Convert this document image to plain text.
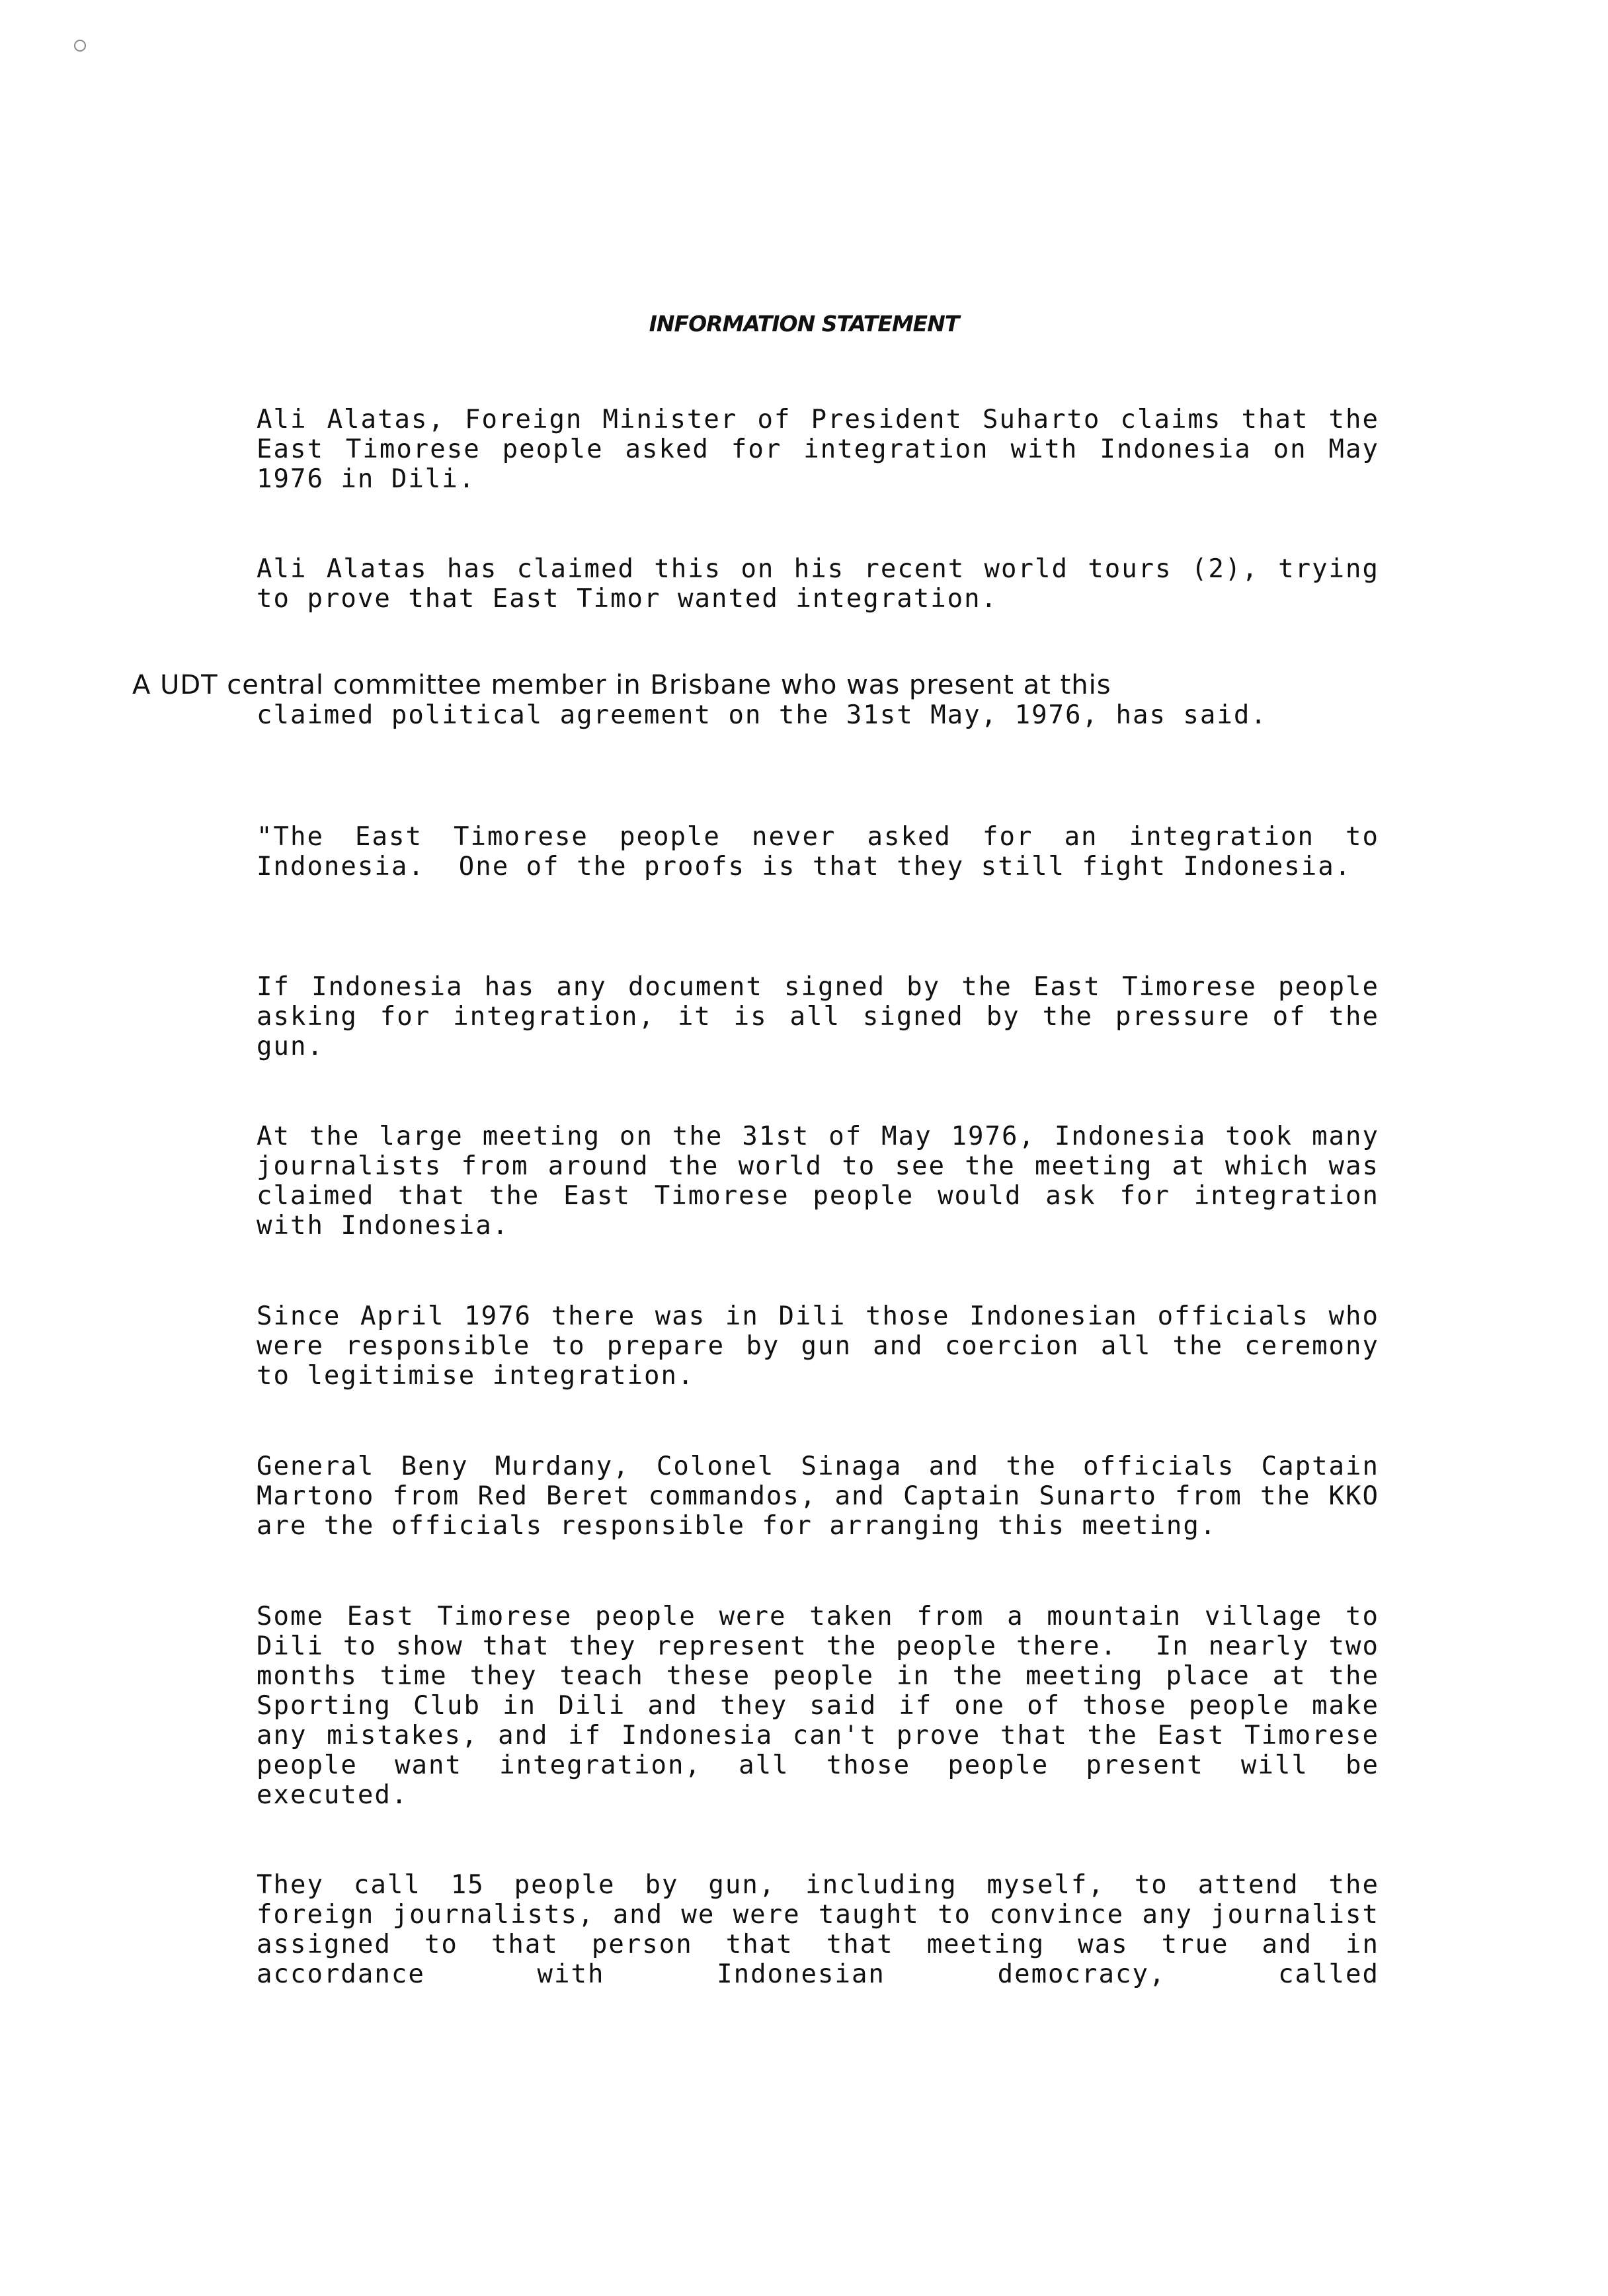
INFORMATION STATEMENT
Ali Alatas, Foreign Minister of President Suharto claims that the East Timorese people asked for integration with Indonesia on May 1976 in Dili.
Ali Alatas has claimed this on his recent world tours (2), trying to prove that East Timor wanted integration.
A UDT central committee member in Brisbane who was present at this
claimed political agreement on the 31st May, 1976, has said.
"The East Timorese people never asked for an integration to Indonesia.  One of the proofs is that they still fight Indonesia.
If Indonesia has any document signed by the East Timorese people asking for integration, it is all signed by the pressure of the gun.
At the large meeting on the 31st of May 1976, Indonesia took many journalists from around the world to see the meeting at which was claimed that the East Timorese people would ask for integration with Indonesia.
Since April 1976 there was in Dili those Indonesian officials who were responsible to prepare by gun and coercion all the ceremony to legitimise integration.
General Beny Murdany, Colonel Sinaga and the officials Captain Martono from Red Beret commandos, and Captain Sunarto from the KKO are the officials responsible for arranging this meeting.
Some East Timorese people were taken from a mountain village to Dili to show that they represent the people there.  In nearly two months time they teach these people in the meeting place at the Sporting Club in Dili and they said if one of those people make any mistakes, and if Indonesia can't prove that the East Timorese people want integration, all those people present will be executed.
They call 15 people by gun, including myself, to attend the foreign journalists, and we were taught to convince any journalist assigned to that person that that meeting was true and in accordance with Indonesian democracy, called
